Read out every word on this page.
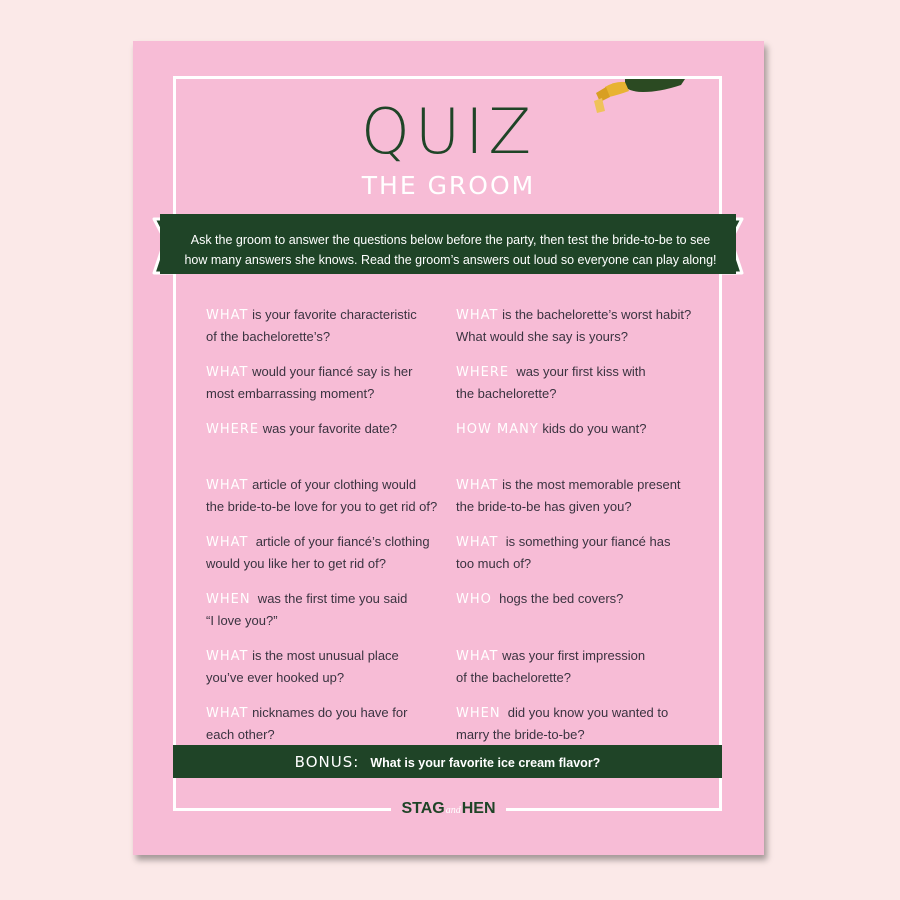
QUIZ
THE GROOM
Ask the groom to answer the questions below before the party, then test the bride-to-be to see how many answers she knows. Read the groom’s answers out loud so everyone can play along!
WHAT is your favorite characteristic
of the bachelorette’s?
WHAT would your fiancé say is her
most embarrassing moment?
WHERE was your favorite date?
WHAT article of your clothing would
the bride-to-be love for you to get rid of?
WHAT  article of your fiancé’s clothing
would you like her to get rid of?
WHEN  was the first time you said
“I love you?”
WHAT is the most unusual place
you’ve ever hooked up?
WHAT nicknames do you have for
each other?
WHAT is the bachelorette’s worst habit?
What would she say is yours?
WHERE  was your first kiss with
the bachelorette?
HOW MANY kids do you want?
WHAT is the most memorable present
the bride-to-be has given you?
WHAT  is something your fiancé has
too much of?
WHO  hogs the bed covers?
WHAT was your first impression
of the bachelorette?
WHEN  did you know you wanted to
marry the bride-to-be?
BONUS: What is your favorite ice cream flavor?
STAGandHEN
